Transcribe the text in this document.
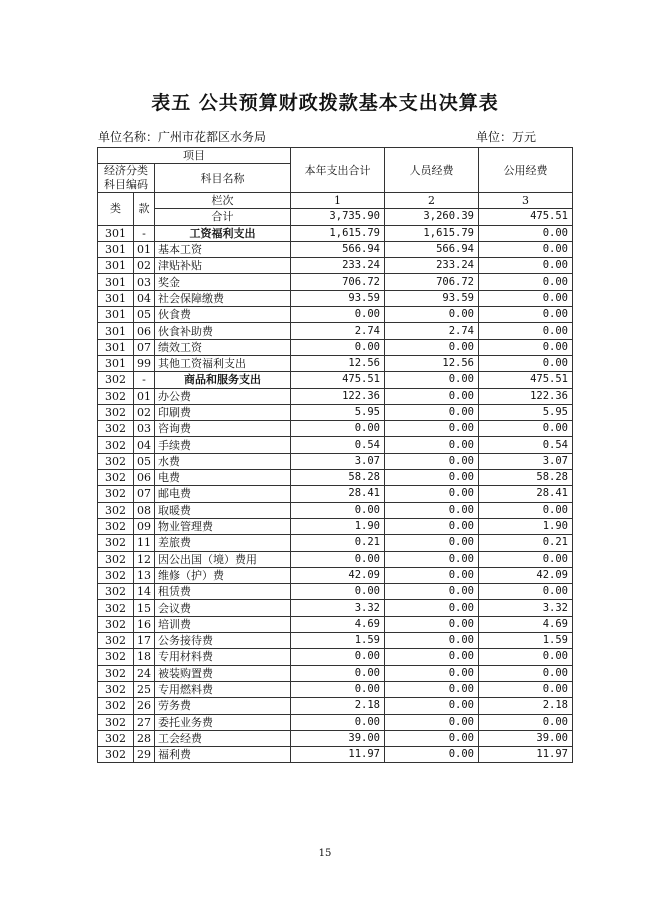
表五 公共预算财政拨款基本支出决算表
单位名称：广州市花都区水务局	单位：万元
项目			本年支出合计	人员经费	公用经费
经济分类
科目编码		科目名称			

类	款	栏次	1	2	3
		合计	3,735.90	3,260.39	475.51
301	-	工资福利支出	1,615.79	1,615.79	0.00
301	01	基本工资	566.94	566.94	0.00
301	02	津贴补贴	233.24	233.24	0.00
301	03	奖金	706.72	706.72	0.00
301	04	社会保障缴费	93.59	93.59	0.00
301	05	伙食费	0.00	0.00	0.00
301	06	伙食补助费	2.74	2.74	0.00
301	07	绩效工资	0.00	0.00	0.00
301	99	其他工资福利支出	12.56	12.56	0.00
302	-	商品和服务支出	475.51	0.00	475.51
302	01	办公费	122.36	0.00	122.36
302	02	印刷费	5.95	0.00	5.95
302	03	咨询费	0.00	0.00	0.00
302	04	手续费	0.54	0.00	0.54
302	05	水费	3.07	0.00	3.07
302	06	电费	58.28	0.00	58.28
302	07	邮电费	28.41	0.00	28.41
302	08	取暖费	0.00	0.00	0.00
302	09	物业管理费	1.90	0.00	1.90
302	11	差旅费	0.21	0.00	0.21
302	12	因公出国（境）费用	0.00	0.00	0.00
302	13	维修（护）费	42.09	0.00	42.09
302	14	租赁费	0.00	0.00	0.00
302	15	会议费	3.32	0.00	3.32
302	16	培训费	4.69	0.00	4.69
302	17	公务接待费	1.59	0.00	1.59
302	18	专用材料费	0.00	0.00	0.00
302	24	被装购置费	0.00	0.00	0.00
302	25	专用燃料费	0.00	0.00	0.00
302	26	劳务费	2.18	0.00	2.18
302	27	委托业务费	0.00	0.00	0.00
302	28	工会经费	39.00	0.00	39.00
302	29	福利费	11.97	0.00	11.97
15
